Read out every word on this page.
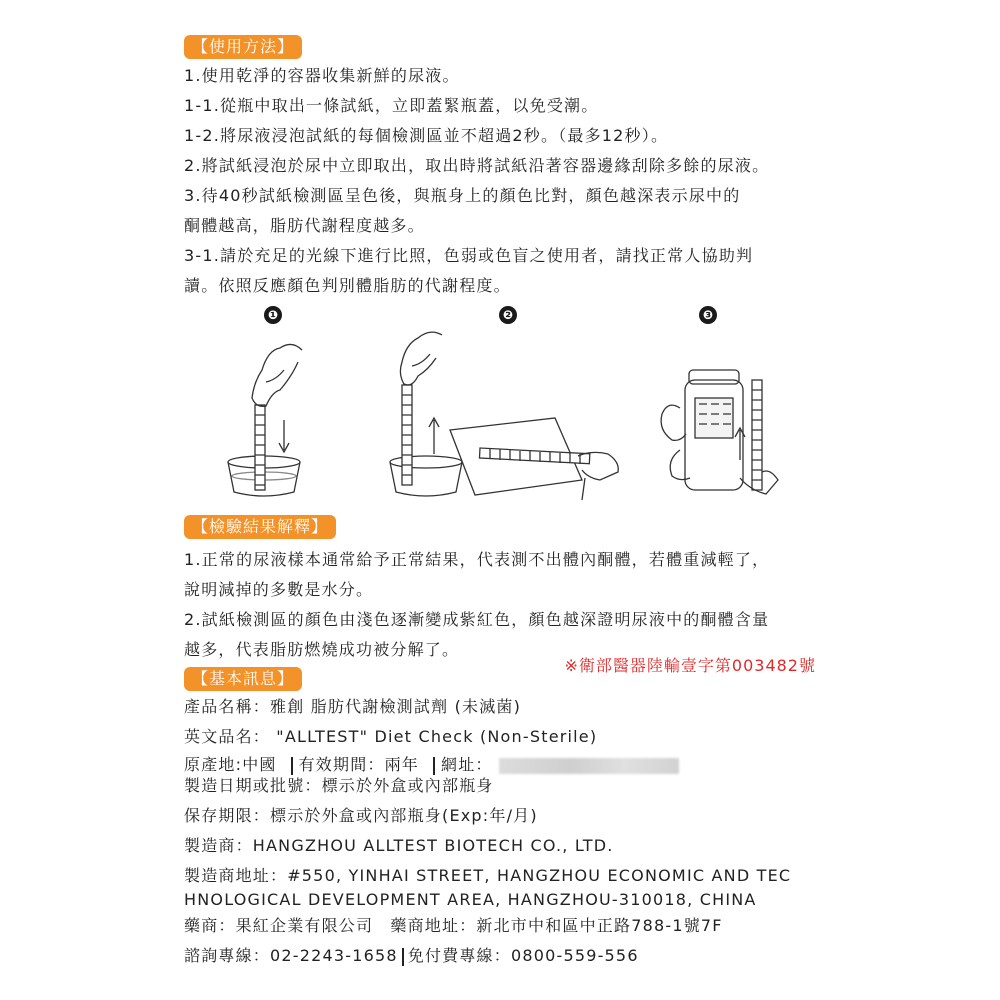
【使用方法】
1.使用乾淨的容器收集新鮮的尿液。
1-1.從瓶中取出一條試紙，立即蓋緊瓶蓋，以免受潮。
1-2.將尿液浸泡試紙的每個檢測區並不超過2秒。（最多12秒）。
2.將試紙浸泡於尿中立即取出，取出時將試紙沿著容器邊緣刮除多餘的尿液。
3.待40秒試紙檢測區呈色後，與瓶身上的顏色比對，顏色越深表示尿中的
酮體越高，脂肪代謝程度越多。
3-1.請於充足的光線下進行比照，色弱或色盲之使用者，請找正常人協助判
讀。依照反應顏色判別體脂肪的代謝程度。
❶	❷	❸
【檢驗結果解釋】
1.正常的尿液樣本通常給予正常結果，代表測不出體內酮體，若體重減輕了，
說明減掉的多數是水分。
2.試紙檢測區的顏色由淺色逐漸變成紫紅色，顏色越深證明尿液中的酮體含量
越多，代表脂肪燃燒成功被分解了。
※衛部醫器陸輸壹字第003482號
【基本訊息】
產品名稱：雅創 脂肪代謝檢測試劑 (未滅菌)
英文品名： "ALLTEST" Diet Check (Non-Sterile)
原產地:中國 有效期間：兩年 網址：
製造日期或批號：標示於外盒或內部瓶身
保存期限：標示於外盒或內部瓶身(Exp:年/月)
製造商：HANGZHOU ALLTEST BIOTECH CO., LTD.
製造商地址：#550, YINHAI STREET, HANGZHOU ECONOMIC AND TEC
HNOLOGICAL DEVELOPMENT AREA, HANGZHOU-310018, CHINA
藥商：果紅企業有限公司　藥商地址：新北市中和區中正路788-1號7F
諮詢專線：02-2243-1658 免付費專線：0800-559-556
